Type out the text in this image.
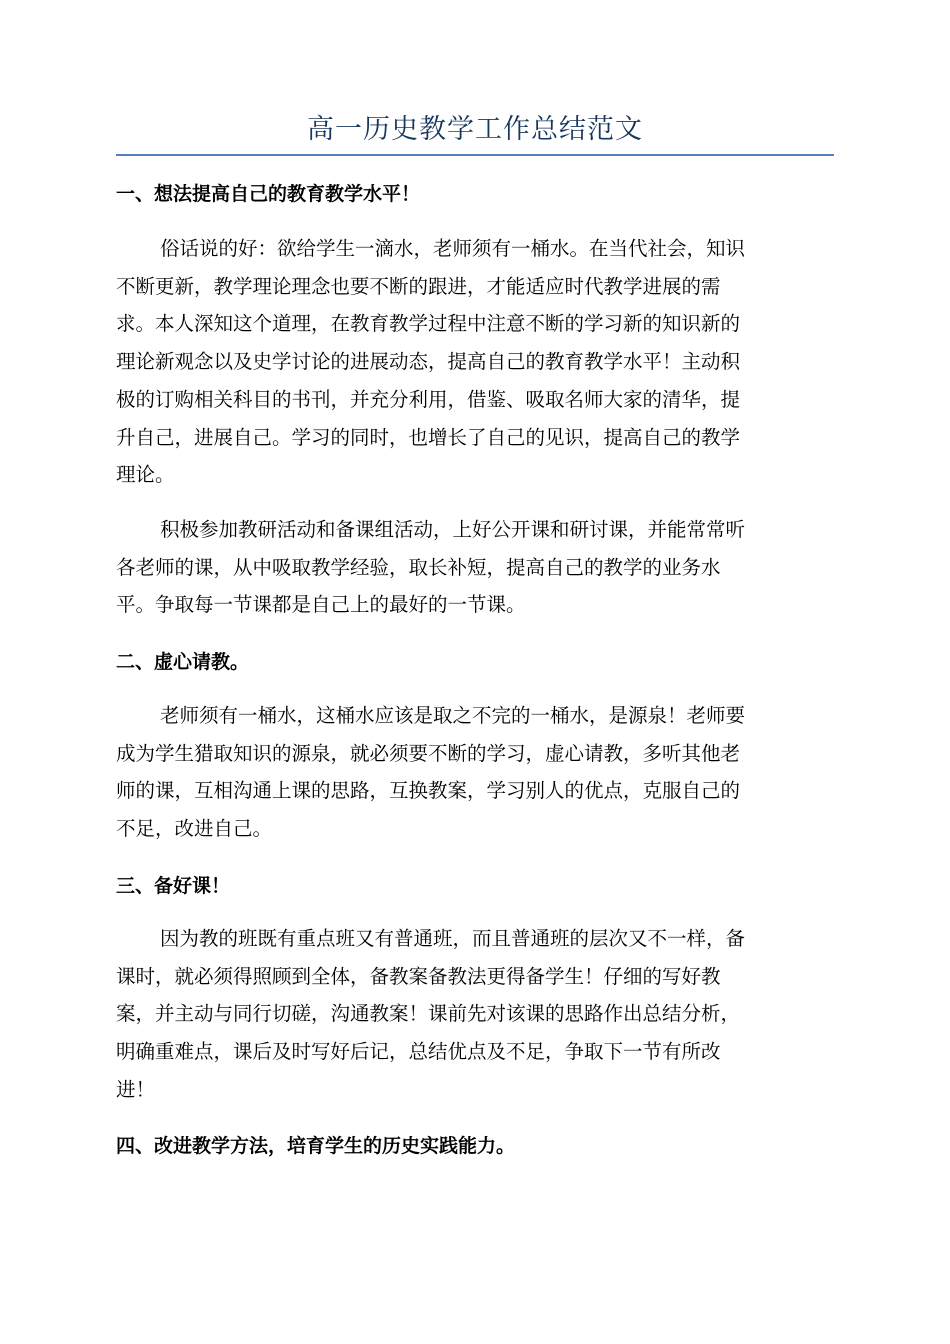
高一历史教学工作总结范文
一、想法提高自己的教育教学水平！
俗话说的好：欲给学生一滴水，老师须有一桶水。在当代社会，知识
不断更新，教学理论理念也要不断的跟进，才能适应时代教学进展的需
求。本人深知这个道理，在教育教学过程中注意不断的学习新的知识新的
理论新观念以及史学讨论的进展动态，提高自己的教育教学水平！主动积
极的订购相关科目的书刊，并充分利用，借鉴、吸取名师大家的清华，提
升自己，进展自己。学习的同时，也增长了自己的见识，提高自己的教学
理论。
积极参加教研活动和备课组活动，上好公开课和研讨课，并能常常听
各老师的课，从中吸取教学经验，取长补短，提高自己的教学的业务水
平。争取每一节课都是自己上的最好的一节课。
二、虚心请教。
老师须有一桶水，这桶水应该是取之不完的一桶水，是源泉！老师要
成为学生猎取知识的源泉，就必须要不断的学习，虚心请教，多听其他老
师的课，互相沟通上课的思路，互换教案，学习别人的优点，克服自己的
不足，改进自己。
三、备好课！
因为教的班既有重点班又有普通班，而且普通班的层次又不一样，备
课时，就必须得照顾到全体，备教案备教法更得备学生！仔细的写好教
案，并主动与同行切磋，沟通教案！课前先对该课的思路作出总结分析，
明确重难点，课后及时写好后记，总结优点及不足，争取下一节有所改
进！
四、改进教学方法，培育学生的历史实践能力。
